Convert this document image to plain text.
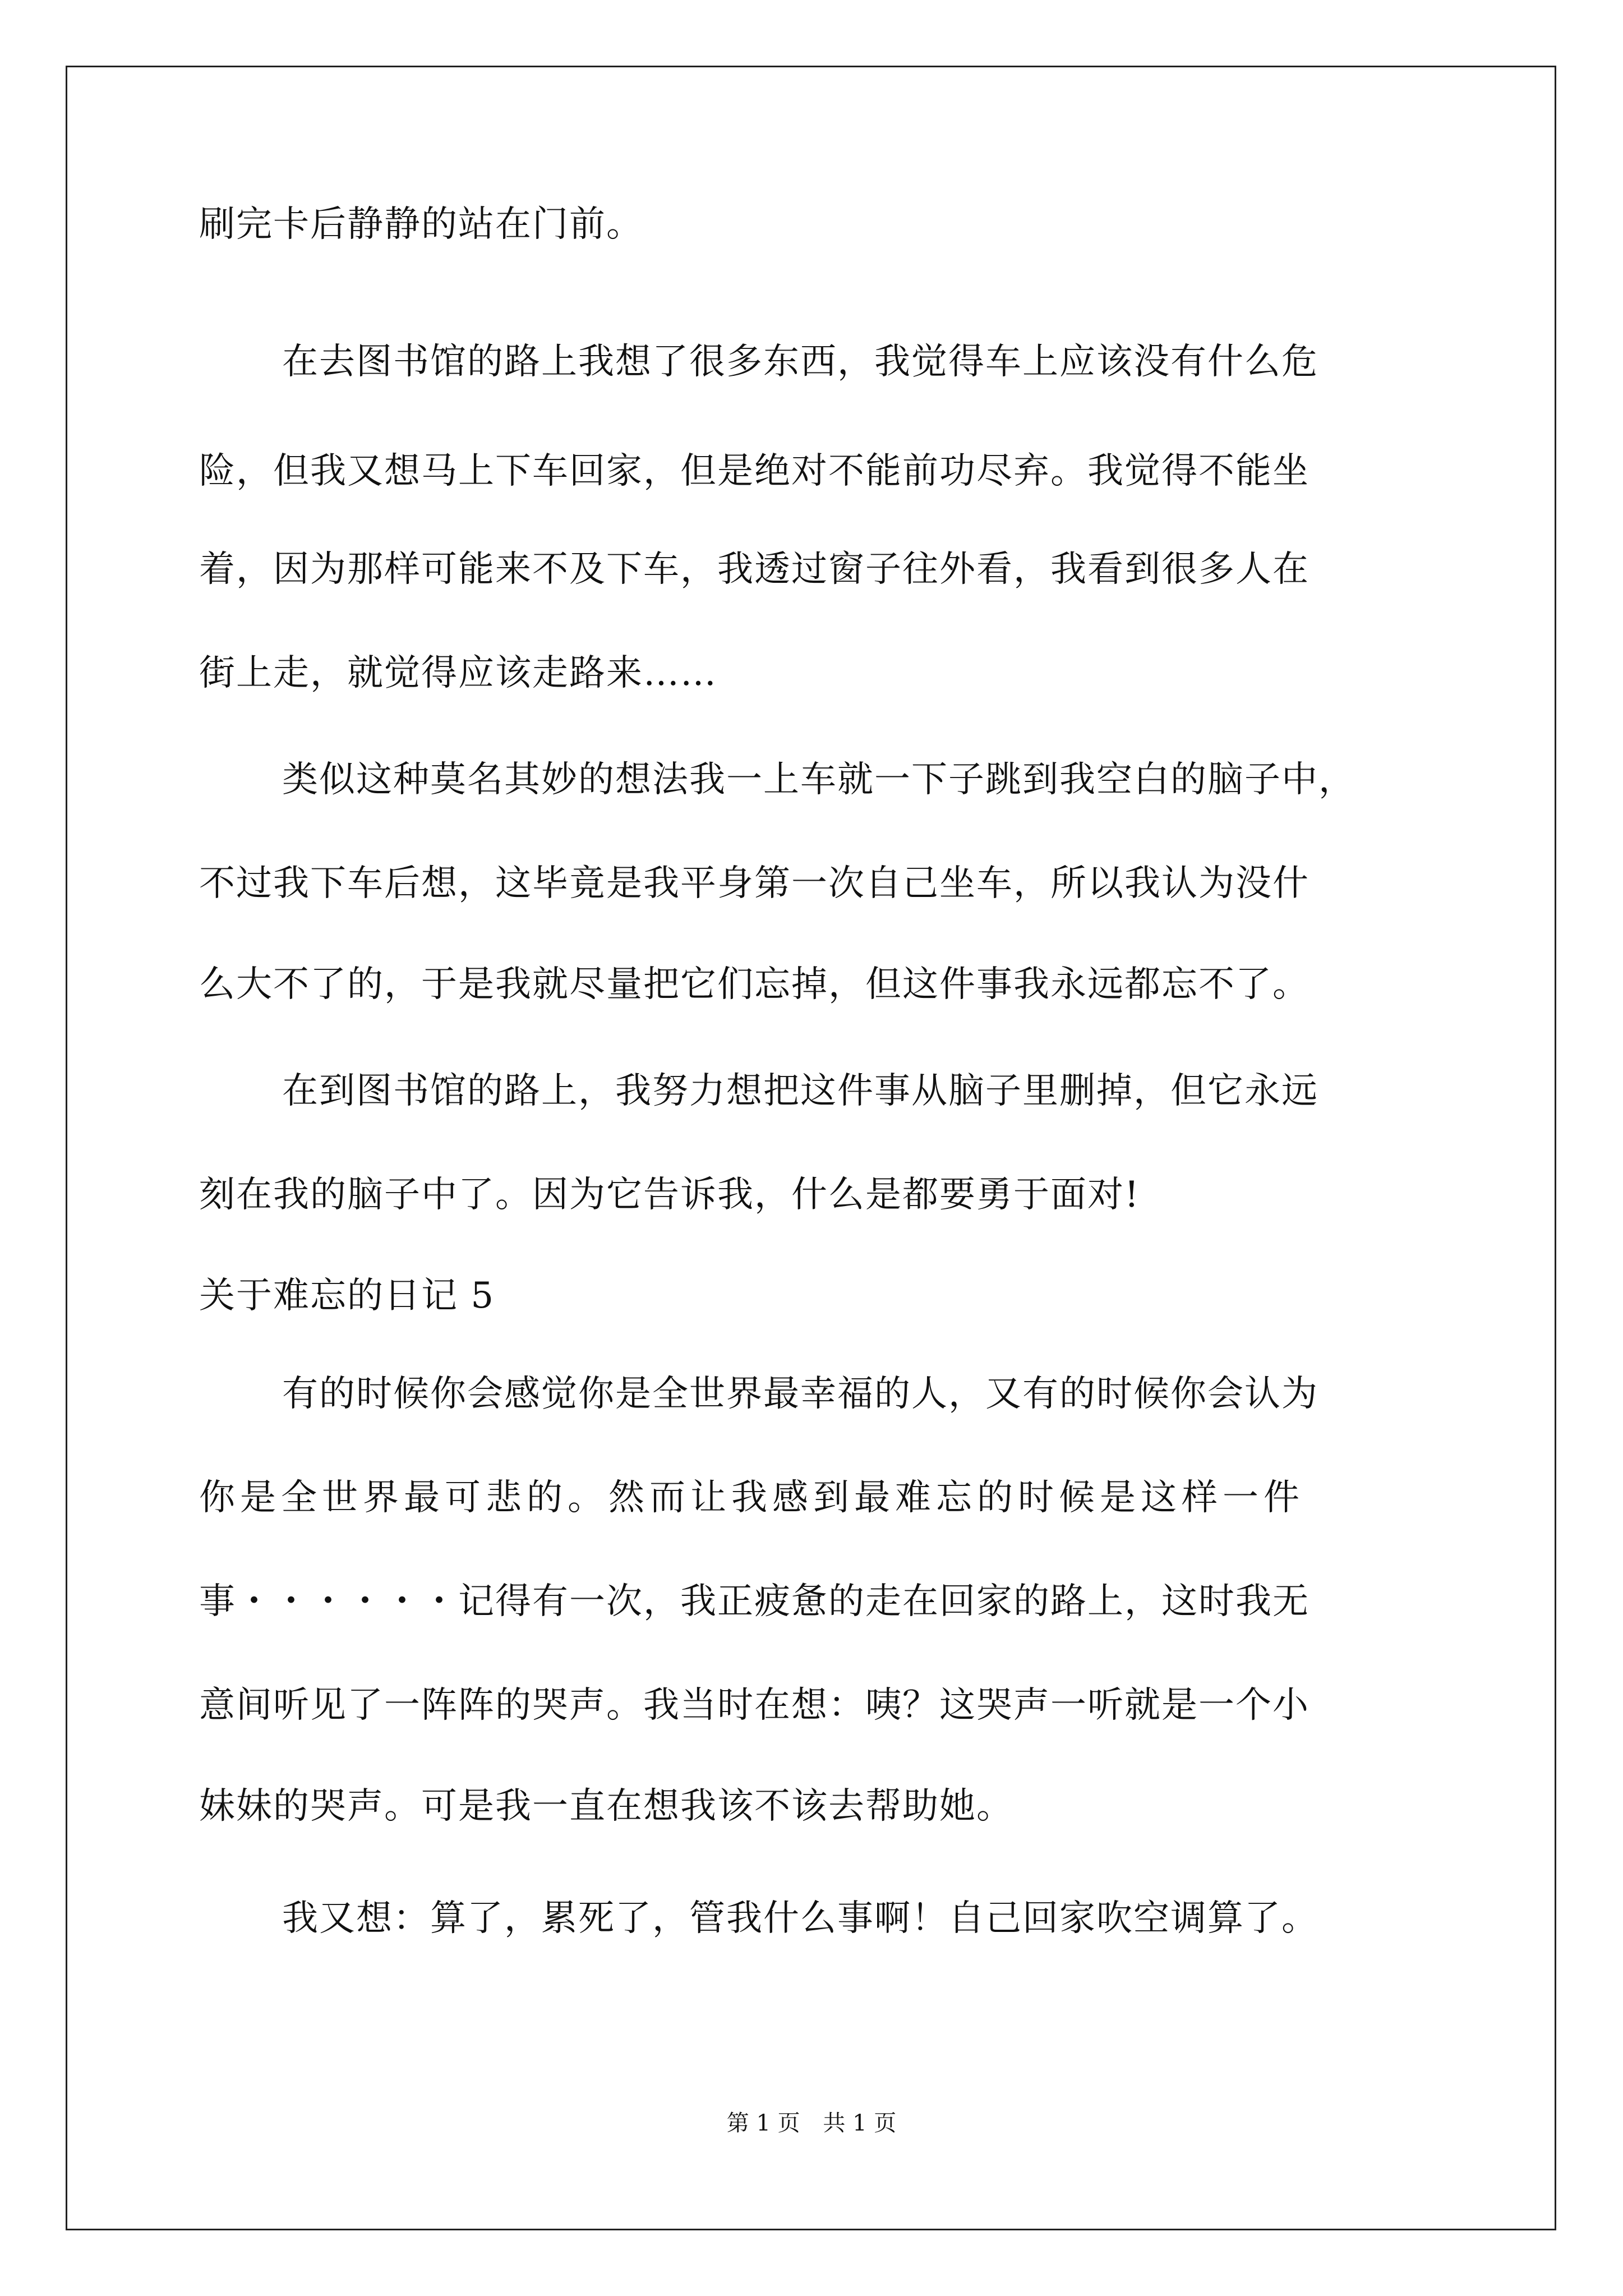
刷完卡后静静的站在门前。
在去图书馆的路上我想了很多东西，我觉得车上应该没有什么危
险，但我又想马上下车回家，但是绝对不能前功尽弃。我觉得不能坐
着，因为那样可能来不及下车，我透过窗子往外看，我看到很多人在
街上走，就觉得应该走路来……
类似这种莫名其妙的想法我一上车就一下子跳到我空白的脑子中，
不过我下车后想，这毕竟是我平身第一次自己坐车，所以我认为没什
么大不了的，于是我就尽量把它们忘掉，但这件事我永远都忘不了。
在到图书馆的路上，我努力想把这件事从脑子里删掉，但它永远
刻在我的脑子中了。因为它告诉我，什么是都要勇于面对!
关于难忘的日记 5
有的时候你会感觉你是全世界最幸福的人，又有的时候你会认为
你是全世界最可悲的。然而让我感到最难忘的时候是这样一件
事・・・・・・记得有一次，我正疲惫的走在回家的路上，这时我无
意间听见了一阵阵的哭声。我当时在想：咦？这哭声一听就是一个小
妹妹的哭声。可是我一直在想我该不该去帮助她。
我又想：算了，累死了，管我什么事啊！自己回家吹空调算了。
第 1 页 共 1 页
